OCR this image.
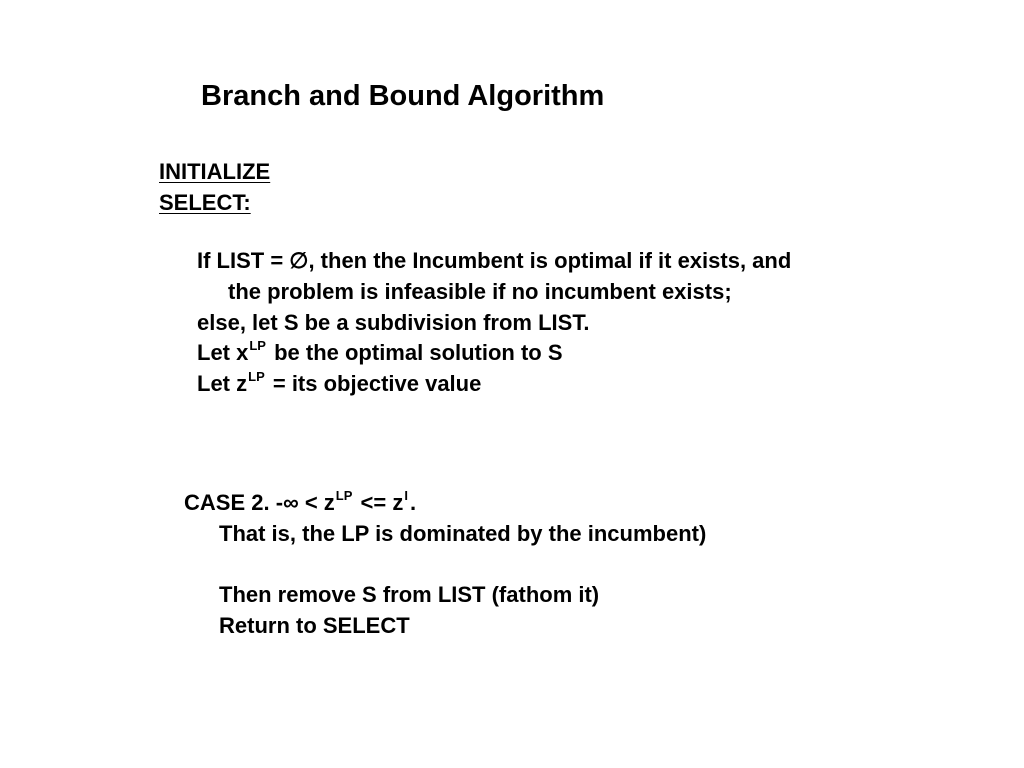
Branch and Bound Algorithm
INITIALIZE
SELECT:
If LIST = ∅, then the Incumbent is optimal if it exists, and
the problem is infeasible if no incumbent exists;
else, let S be a subdivision from LIST.
Let $x^{LP}$ be the optimal solution to S
Let $z^{LP}$ = its objective value
CASE 2. -∞ < $z^{LP} <= z^I$.
That is, the LP is dominated by the incumbent)
Then remove S from LIST (fathom it)
Return to SELECT
